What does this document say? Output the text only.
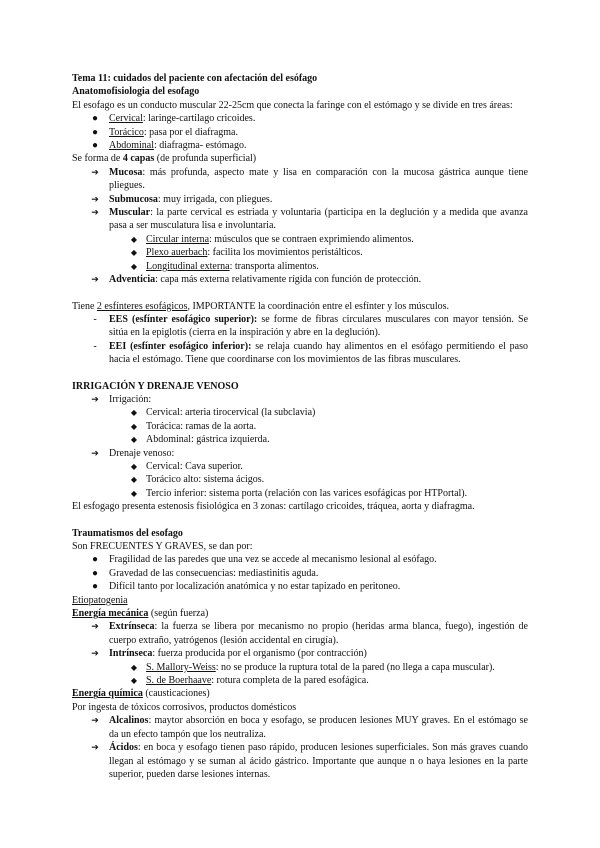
Tema 11: cuidados del paciente con afectación del esófago

Anatomofisiologia del esofago

El esofago es un conducto muscular 22-25cm que conecta la faringe con el estómago y se divide en tres áreas:

●	Cervical: laringe-cartilago cricoides.
●	Torácico: pasa por el diafragma.
●	Abdominal: diafragma- estómago.

Se forma de 4 capas (de profunda superficial)

➔	Mucosa: más profunda, aspecto mate y lisa en comparación con la mucosa gástrica aunque tiene pliegues.
➔	Submucosa: muy irrigada, con pliegues.
➔	Muscular: la parte cervical es estriada y voluntaria (participa en la deglución y a medida que avanza pasa a ser musculatura lisa e involuntaria.
◆ Circular interna: músculos que se contraen exprimiendo alimentos.
◆ Plexo auerbach: facilita los movimientos peristálticos.
◆ Longitudinal externa: transporta alimentos.
➔	Adventicia: capa más externa relativamente rígida con función de protección.

Tiene 2 esfínteres esofágicos, IMPORTANTE la coordinación entre el esfínter y los músculos.

-	EES (esfínter esofágico superior): se forme de fibras circulares musculares con mayor tensión. Se sitúa en la epiglotis (cierra en la inspiración y abre en la deglución).
-	EEI (esfínter esofágico inferior): se relaja cuando hay alimentos en el esófago permitiendo el paso hacia el estómago. Tiene que coordinarse con los movimientos de las fibras musculares.

IRRIGACIÓN Y DRENAJE VENOSO

➔	Irrigación:
◆ Cervical: arteria tirocervical (la subclavia)
◆ Torácica: ramas de la aorta.
◆ Abdominal: gástrica izquierda.
➔	Drenaje venoso:
◆ Cervical: Cava superior.
◆ Torácico alto: sistema ácigos.
◆ Tercio inferior: sistema porta (relación con las varices esofágicas por HTPortal).

El esfogago presenta estenosis fisiológica en 3 zonas: cartílago cricoides, tráquea, aorta y diafragma.

Traumatismos del esofago

Son FRECUENTES Y GRAVES, se dan por:

●	Fragilidad de las paredes que una vez se accede al mecanismo lesional al esófago.
●	Gravedad de las consecuencias: mediastinitis aguda.
●	Difícil tanto por localización anatómica y no estar tapizado en peritoneo.

Etiopatogenia

Energía mecánica (según fuerza)

➔	Extrínseca: la fuerza se libera por mecanismo no propio (heridas arma blanca, fuego), ingestión de cuerpo extraño, yatrógenos (lesión accidental en cirugía).
➔	Intrínseca: fuerza producida por el organismo (por contracción)
◆ S. Mallory-Weiss: no se produce la ruptura total de la pared (no llega a capa muscular).
◆ S. de Boerhaave: rotura completa de la pared esofágica.

Energía química (causticaciones)

Por ingesta de tóxicos corrosivos, productos domésticos

➔	Alcalinos: maytor absorción en boca y esofago, se producen lesiones MUY graves. En el estómago se da un efecto tampón que los neutraliza.
➔	Ácidos: en boca y esofago tienen paso rápido, producen lesiones superficiales. Son más graves cuando llegan al estómago y se suman al ácido gástrico. Importante que aunque n o haya lesiones en la parte superior, pueden darse lesiones internas.
